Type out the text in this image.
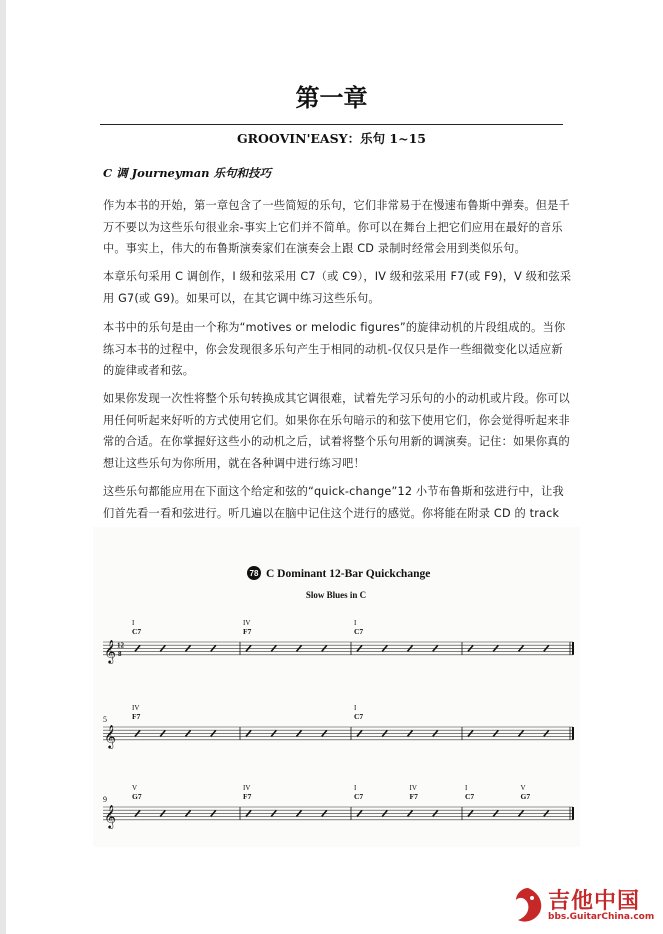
第一章
GROOVIN'EASY：乐句 1~15
C 调 Journeyman 乐句和技巧

作为本书的开始，第一章包含了一些简短的乐句，它们非常易于在慢速布鲁斯中弹奏。但是千万不要以为这些乐句很业余-事实上它们并不简单。你可以在舞台上把它们应用在最好的音乐中。事实上，伟大的布鲁斯演奏家们在演奏会上跟 CD 录制时经常会用到类似乐句。

本章乐句采用 C 调创作，I 级和弦采用 C7（或 C9），IV 级和弦采用 F7(或 F9)，V 级和弦采用 G7(或 G9)。如果可以，在其它调中练习这些乐句。

本书中的乐句是由一个称为“motives or melodic figures”的旋律动机的片段组成的。当你练习本书的过程中，你会发现很多乐句产生于相同的动机-仅仅只是作一些细微变化以适应新的旋律或者和弦。

如果你发现一次性将整个乐句转换成其它调很难，试着先学习乐句的小的动机或片段。你可以用任何听起来好听的方式使用它们。如果你在乐句暗示的和弦下使用它们，你会觉得听起来非常的合适。在你掌握好这些小的动机之后，试着将整个乐句用新的调演奏。记住：如果你真的想让这些乐句为你所用，就在各种调中进行练习吧！

这些乐句都能应用在下面这个给定和弦的“quick-change”12 小节布鲁斯和弦进行中，让我们首先看一看和弦进行。听几遍以在脑中记住这个进行的感觉。你将能在附录 CD 的 track

78 C Dominant 12-Bar Quickchange
Slow Blues in C
𝄞 12
8
I
C7
IV
F7
I
C7
𝄞
5
IV
F7
I
C7
𝄞
9
V
G7
IV
F7
I
C7
IV
F7
I
C7
V
G7
吉他中国
bbs.GuitarChina.com
